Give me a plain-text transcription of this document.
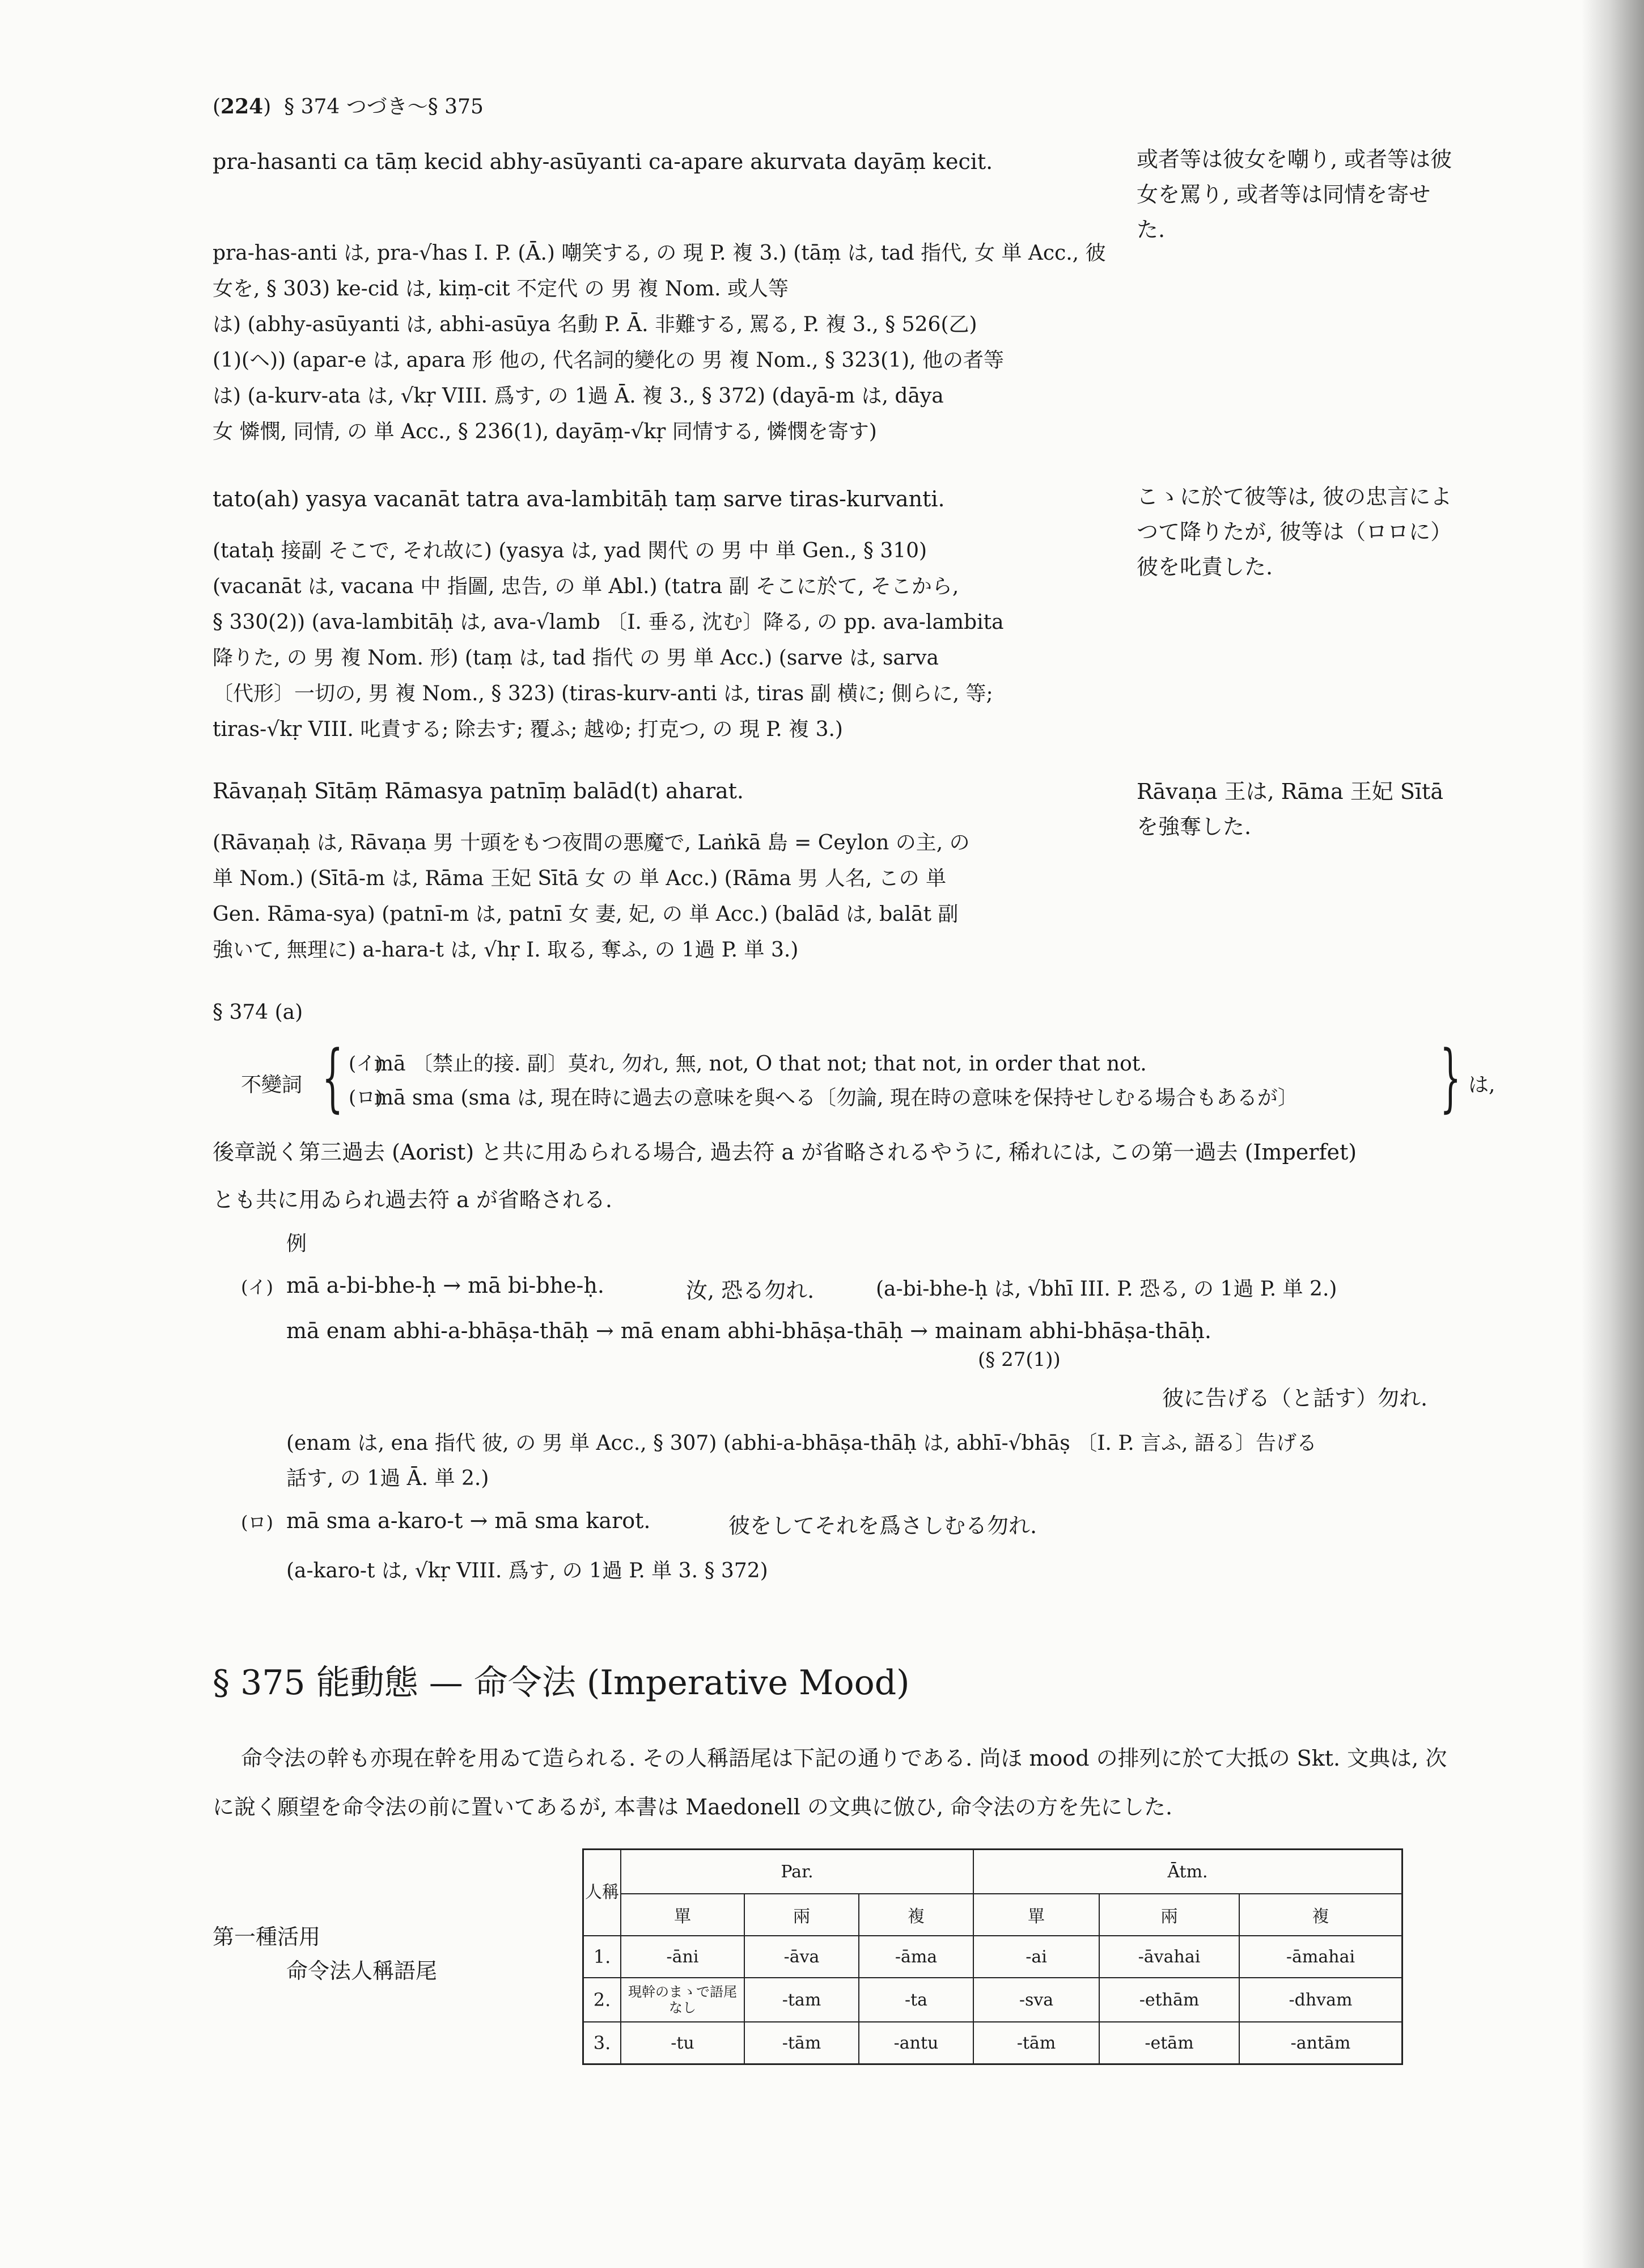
(224)  § 374 つづき〜§ 375
pra-hasanti ca tāṃ kecid abhy-asūyanti ca-apare akurvata dayāṃ kecit.

pra-has-anti は, pra-√has I. P. (Ā.) 嘲笑する, の 現 P. 複 3.) (tāṃ は, tad 指代, 女 単 Acc., 彼女を, § 303) ke-cid は, kiṃ-cit 不定代 の 男 複 Nom. 或人等

は) (abhy-asūyanti は, abhi-asūya 名動 P. Ā. 非難する, 罵る, P. 複 3., § 526(乙)

(1)(ヘ)) (apar-e は, apara 形 他の, 代名詞的變化の 男 複 Nom., § 323(1), 他の者等

は) (a-kurv-ata は, √kṛ VIII. 爲す, の 1過 Ā. 複 3., § 372) (dayā-m は, dāya

女 憐憫, 同情, の 単 Acc., § 236(1), dayāṃ-√kṛ 同情する, 憐憫を寄す)

或者等は彼女を嘲り, 或者等は彼女を罵り, 或者等は同情を寄せた.
tato(ah) yasya vacanāt tatra ava-lambitāḥ taṃ sarve tiras-kurvanti.

(tataḥ 接副 そこで, それ故に) (yasya は, yad 関代 の 男 中 単 Gen., § 310)

(vacanāt は, vacana 中 指圖, 忠告, の 単 Abl.) (tatra 副 そこに於て, そこから,

§ 330(2)) (ava-lambitāḥ は, ava-√lamb 〔I. 垂る, 沈む〕降る, の pp. ava-lambita

降りた, の 男 複 Nom. 形) (taṃ は, tad 指代 の 男 単 Acc.) (sarve は, sarva

〔代形〕一切の, 男 複 Nom., § 323) (tiras-kurv-anti は, tiras 副 横に; 側らに, 等;

tiras-√kṛ VIII. 叱責する; 除去す; 覆ふ; 越ゆ; 打克つ, の 現 P. 複 3.)

こゝに於て彼等は, 彼の忠言によつて降りたが, 彼等は（ロロに）彼を叱責した.
Rāvaṇaḥ Sītāṃ Rāmasya patnīṃ balād(t) aharat.

(Rāvaṇaḥ は, Rāvaṇa 男 十頭をもつ夜間の悪魔で, Laṅkā 島 = Ceylon の主, の

単 Nom.) (Sītā-m は, Rāma 王妃 Sītā 女 の 単 Acc.) (Rāma 男 人名, この 単

Gen. Rāma-sya) (patnī-m は, patnī 女 妻, 妃, の 単 Acc.) (balād は, balāt 副

強いて, 無理に) a-hara-t は, √hṛ I. 取る, 奪ふ, の 1過 P. 単 3.)

Rāvaṇa 王は, Rāma 王妃 Sītā を強奪した.
§ 374 (a)
不變詞 { (イ)
mā 〔禁止的接. 副〕莫れ, 勿れ, 無, not, O that not; that not, in order that not.
(ロ)
mā sma (sma は, 現在時に過去の意味を與へる〔勿論, 現在時の意味を保持せしむる場合もあるが〕	} は,

後章説く第三過去 (Aorist) と共に用ゐられる場合, 過去符 a が省略されるやうに, 稀れには, この第一過去 (Imperfet)

とも共に用ゐられ過去符 a が省略される.

例
(イ) mā a-bi-bhe-ḥ → mā bi-bhe-ḥ.	汝, 恐る勿れ.	(a-bi-bhe-ḥ は, √bhī III. P. 恐る, の 1過 P. 単 2.)
mā enam abhi-a-bhāṣa-thāḥ → mā enam abhi-bhāṣa-thāḥ → mainam abhi-bhāṣa-thāḥ.
(§ 27(1))
彼に告げる（と話す）勿れ.

(enam は, ena 指代 彼, の 男 単 Acc., § 307) (abhi-a-bhāṣa-thāḥ は, abhī-√bhāṣ 〔I. P. 言ふ, 語る〕告げる

話す, の 1過 Ā. 単 2.)

(ロ) mā sma a-karo-t → mā sma karot.	彼をしてそれを爲さしむる勿れ.
(a-karo-t は, √kṛ VIII. 爲す, の 1過 P. 単 3. § 372)
§ 375 能動態 — 命令法 (Imperative Mood)
命令法の幹も亦現在幹を用ゐて造られる. その人稱語尾は下記の通りである. 尚ほ mood の排列に於て大抵の Skt. 文典は, 次に說く願望を命令法の前に置いてあるが, 本書は Maedonell の文典に倣ひ, 命令法の方を先にした.
第一種活用
命令法人稱語尾
人稱	Par.			Ātm.		
	單	兩	複	單	兩	複
1.	-āni	-āva	-āma	-ai	-āvahai	-āmahai
2.	現幹のまゝで語尾なし	-tam	-ta	-sva	-ethām	-dhvam
3.	-tu	-tām	-antu	-tām	-etām	-antām
